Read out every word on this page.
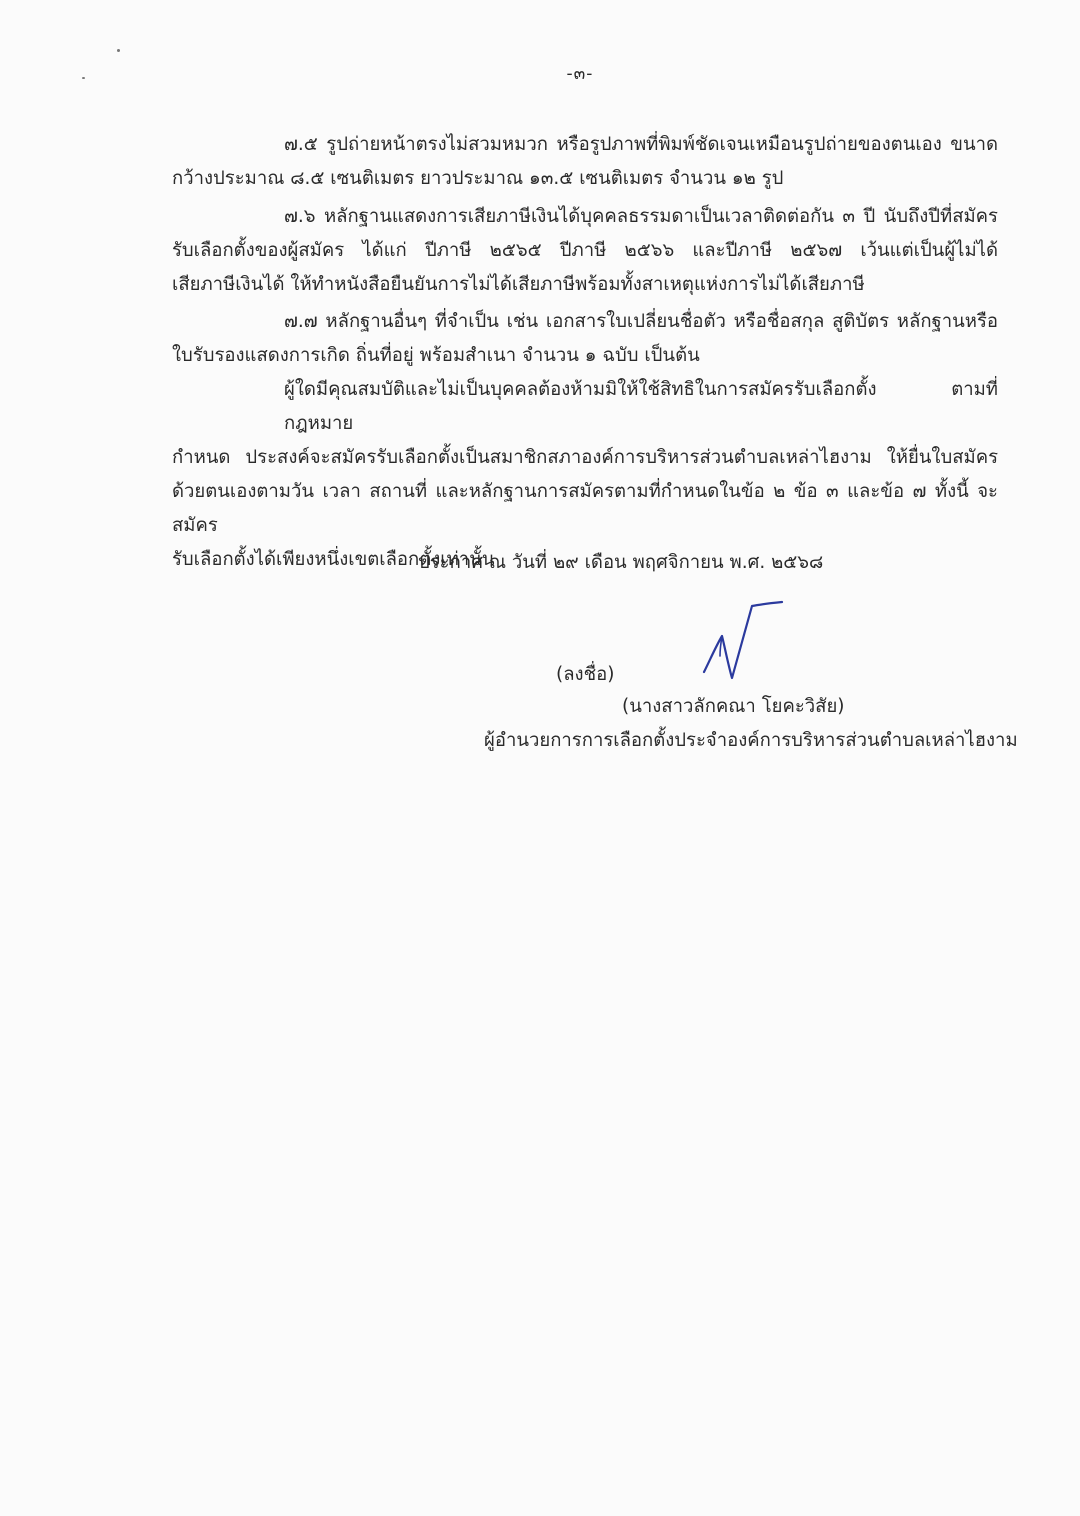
-๓-
๗.๕ รูปถ่ายหน้าตรงไม่สวมหมวก หรือรูปภาพที่พิมพ์ชัดเจนเหมือนรูปถ่ายของตนเอง ขนาด
กว้างประมาณ ๘.๕ เซนติเมตร ยาวประมาณ ๑๓.๕ เซนติเมตร จำนวน ๑๒ รูป
๗.๖ หลักฐานแสดงการเสียภาษีเงินได้บุคคลธรรมดาเป็นเวลาติดต่อกัน ๓ ปี นับถึงปีที่สมัคร
รับเลือกตั้งของผู้สมัคร ได้แก่ ปีภาษี ๒๕๖๕ ปีภาษี ๒๕๖๖ และปีภาษี ๒๕๖๗ เว้นแต่เป็นผู้ไม่ได้
เสียภาษีเงินได้ ให้ทำหนังสือยืนยันการไม่ได้เสียภาษีพร้อมทั้งสาเหตุแห่งการไม่ได้เสียภาษี
๗.๗ หลักฐานอื่นๆ ที่จำเป็น เช่น เอกสารใบเปลี่ยนชื่อตัว หรือชื่อสกุล สูติบัตร หลักฐานหรือ
ใบรับรองแสดงการเกิด ถิ่นที่อยู่ พร้อมสำเนา จำนวน ๑ ฉบับ เป็นต้น
ผู้ใดมีคุณสมบัติและไม่เป็นบุคคลต้องห้ามมิให้ใช้สิทธิในการสมัครรับเลือกตั้ง ตามที่กฎหมาย
กำหนด ประสงค์จะสมัครรับเลือกตั้งเป็นสมาชิกสภาองค์การบริหารส่วนตำบลเหล่าไฮงาม ให้ยื่นใบสมัคร
ด้วยตนเองตามวัน เวลา สถานที่ และหลักฐานการสมัครตามที่กำหนดในข้อ ๒ ข้อ ๓ และข้อ ๗ ทั้งนี้ จะสมัคร
รับเลือกตั้งได้เพียงหนึ่งเขตเลือกตั้งเท่านั้น
ประกาศ ณ วันที่ ๒๙ เดือน พฤศจิกายน พ.ศ. ๒๕๖๘
(ลงชื่อ)
(นางสาวลักคณา โยคะวิสัย)
ผู้อำนวยการการเลือกตั้งประจำองค์การบริหารส่วนตำบลเหล่าไฮงาม
